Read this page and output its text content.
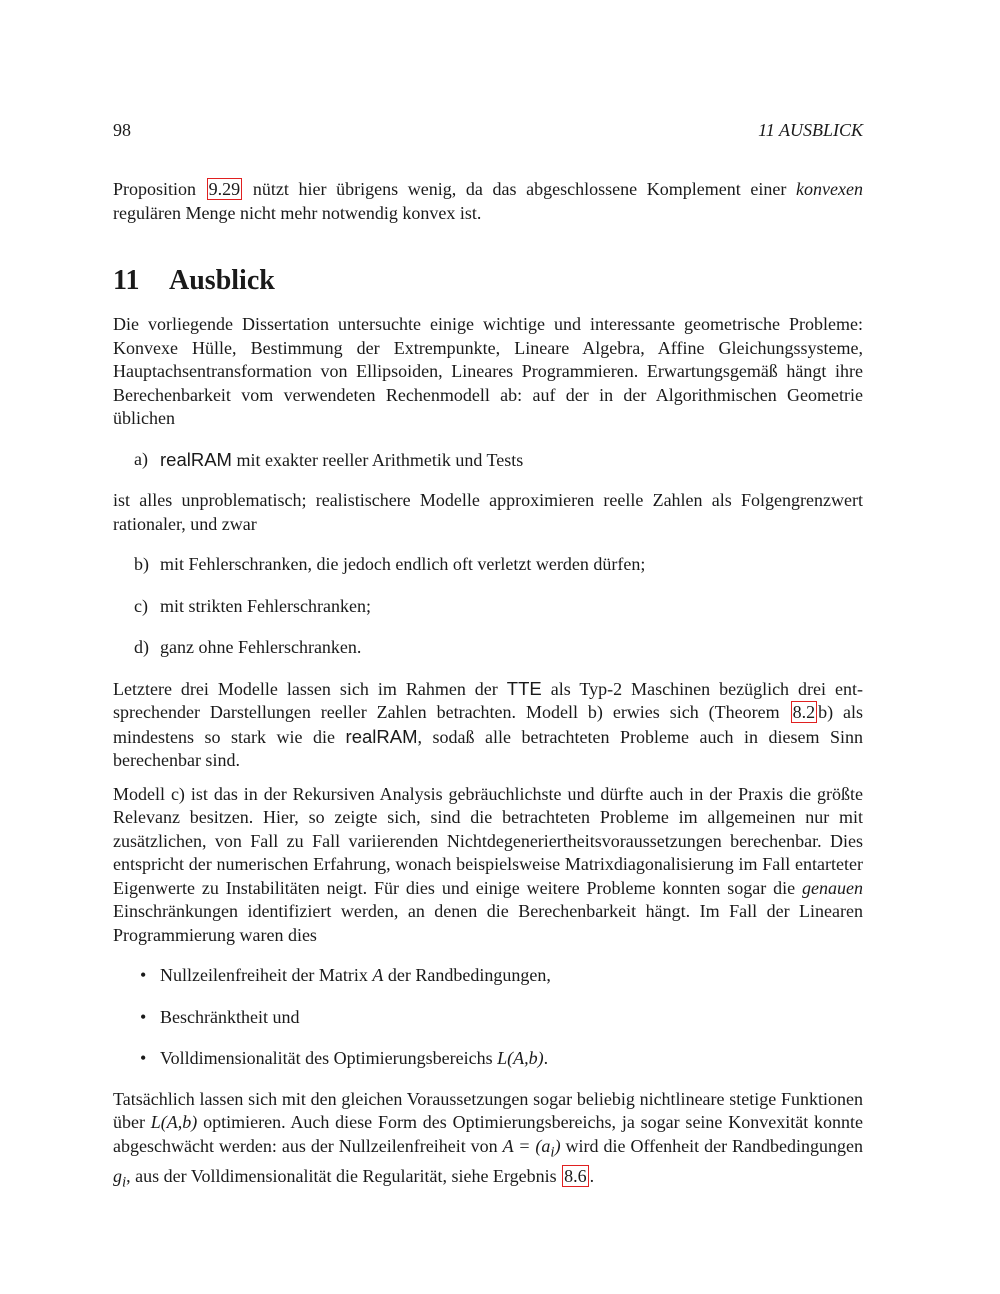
98	11 AUSBLICK

Proposition 9.29 nützt hier übrigens wenig, da das abgeschlossene Komplement einer konvexen regulären Menge nicht mehr notwendig konvex ist.

11 Ausblick

Die vorliegende Dissertation untersuchte einige wichtige und interessante geometrische Probleme: Konvexe Hülle, Bestimmung der Extrempunkte, Lineare Algebra, Affine Gleichungssysteme, Hauptachsentransformation von Ellipsoiden, Lineares Programmieren. Erwartungsgemäß hängt ihre Berechenbarkeit vom verwendeten Rechenmodell ab: auf der in der Algorithmischen Geometrie üblichen

a) realRAM mit exakter reeller Arithmetik und Tests

ist alles unproblematisch; realistischere Modelle approximieren reelle Zahlen als Folgengrenzwert rationaler, und zwar

b) mit Fehlerschranken, die jedoch endlich oft verletzt werden dürfen;
c) mit strikten Fehlerschranken;
d) ganz ohne Fehlerschranken.

Letztere drei Modelle lassen sich im Rahmen der TTE als Typ-2 Maschinen bezüglich drei entsprechender Darstellungen reeller Zahlen betrachten. Modell b) erwies sich (Theorem 8.2 b) als mindestens so stark wie die realRAM, sodaß alle betrachteten Probleme auch in diesem Sinn berechenbar sind.

Modell c) ist das in der Rekursiven Analysis gebräuchlichste und dürfte auch in der Praxis die größte Relevanz besitzen. Hier, so zeigte sich, sind die betrachteten Probleme im allgemeinen nur mit zusätzlichen, von Fall zu Fall variierenden Nichtdegeneriertheitsvoraussetzungen berechenbar. Dies entspricht der numerischen Erfahrung, wonach beispielsweise Matrixdiagonalisierung im Fall entarteter Eigenwerte zu Instabilitäten neigt. Für dies und einige weitere Probleme konnten sogar die genauen Einschränkungen identifiziert werden, an denen die Berechenbarkeit hängt. Im Fall der Linearen Programmierung waren dies

• Nullzeilenfreiheit der Matrix A der Randbedingungen,
• Beschränktheit und
• Volldimensionalität des Optimierungsbereichs L(A,b).

Tatsächlich lassen sich mit den gleichen Voraussetzungen sogar beliebig nichtlineare stetige Funktionen über L(A,b) optimieren. Auch diese Form des Optimierungsbereichs, ja sogar seine Konvexität konnte abgeschwächt werden: aus der Nullzeilenfreiheit von $A = (a_i)$ wird die Offenheit der Randbedingungen $g_i$, aus der Volldimensionalität die Regularität, siehe Ergebnis 8.6 .
